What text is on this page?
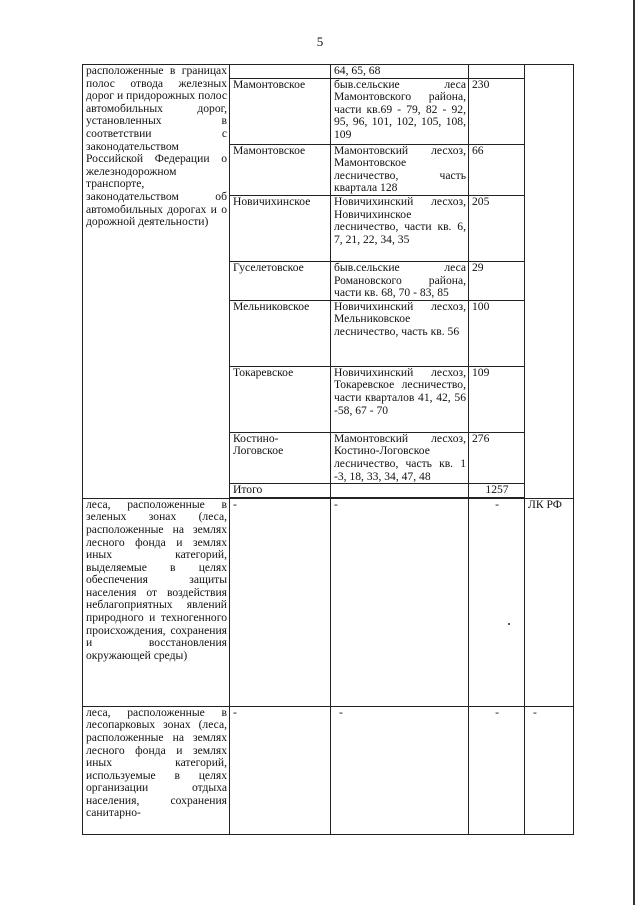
5
расположенные в границах полос отвода железных дорог и придорожных полос автомобильных дорог, установленных в соответствии с законодательством Российской Федерации о железнодорожном транспорте, законодательством об автомобильных дорогах и о дорожной деятельности)		64, 65, 68		
	Мамонтовское	быв.сельские леса Мамонтовского района, части кв.69 - 79, 82 - 92, 95, 96, 101, 102, 105, 108, 109	230	
	Мамонтовское	Мамонтовский лесхоз, Мамонтовское лесничество, часть квартала 128	66	
	Новичихинское	Новичихинский лесхоз, Новичихинское лесничество, части кв. 6, 7, 21, 22, 34, 35	205	
	Гуселетовское	быв.сельские леса Романовского района, части кв. 68, 70 - 83, 85	29	
	Мельниковское	Новичихинский лесхоз, Мельниковское лесничество, часть кв. 56	100	
	Токаревское	Новичихинский лесхоз, Токаревское лесничество, части кварталов 41, 42, 56 -58, 67 - 70	109	
	Костино-Логовское	Мамонтовский лесхоз, Костино-Логовское лесничество, часть кв. 1 -3, 18, 33, 34, 47, 48	276	
	Итого		1257	

леса, расположенные в зеленых зонах (леса, расположенные на землях лесного фонда и землях иных категорий, выделяемые в целях обеспечения защиты населения от воздействия неблагоприятных явлений природного и техногенного происхождения, сохранения и восстановления окружающей среды)	-	-	-	ЛК РФ
леса, расположенные в лесопарковых зонах (леса, расположенные на землях лесного фонда и землях иных категорий, используемые в целях организации отдыха населения, сохранения санитарно-	-	-	-	-
